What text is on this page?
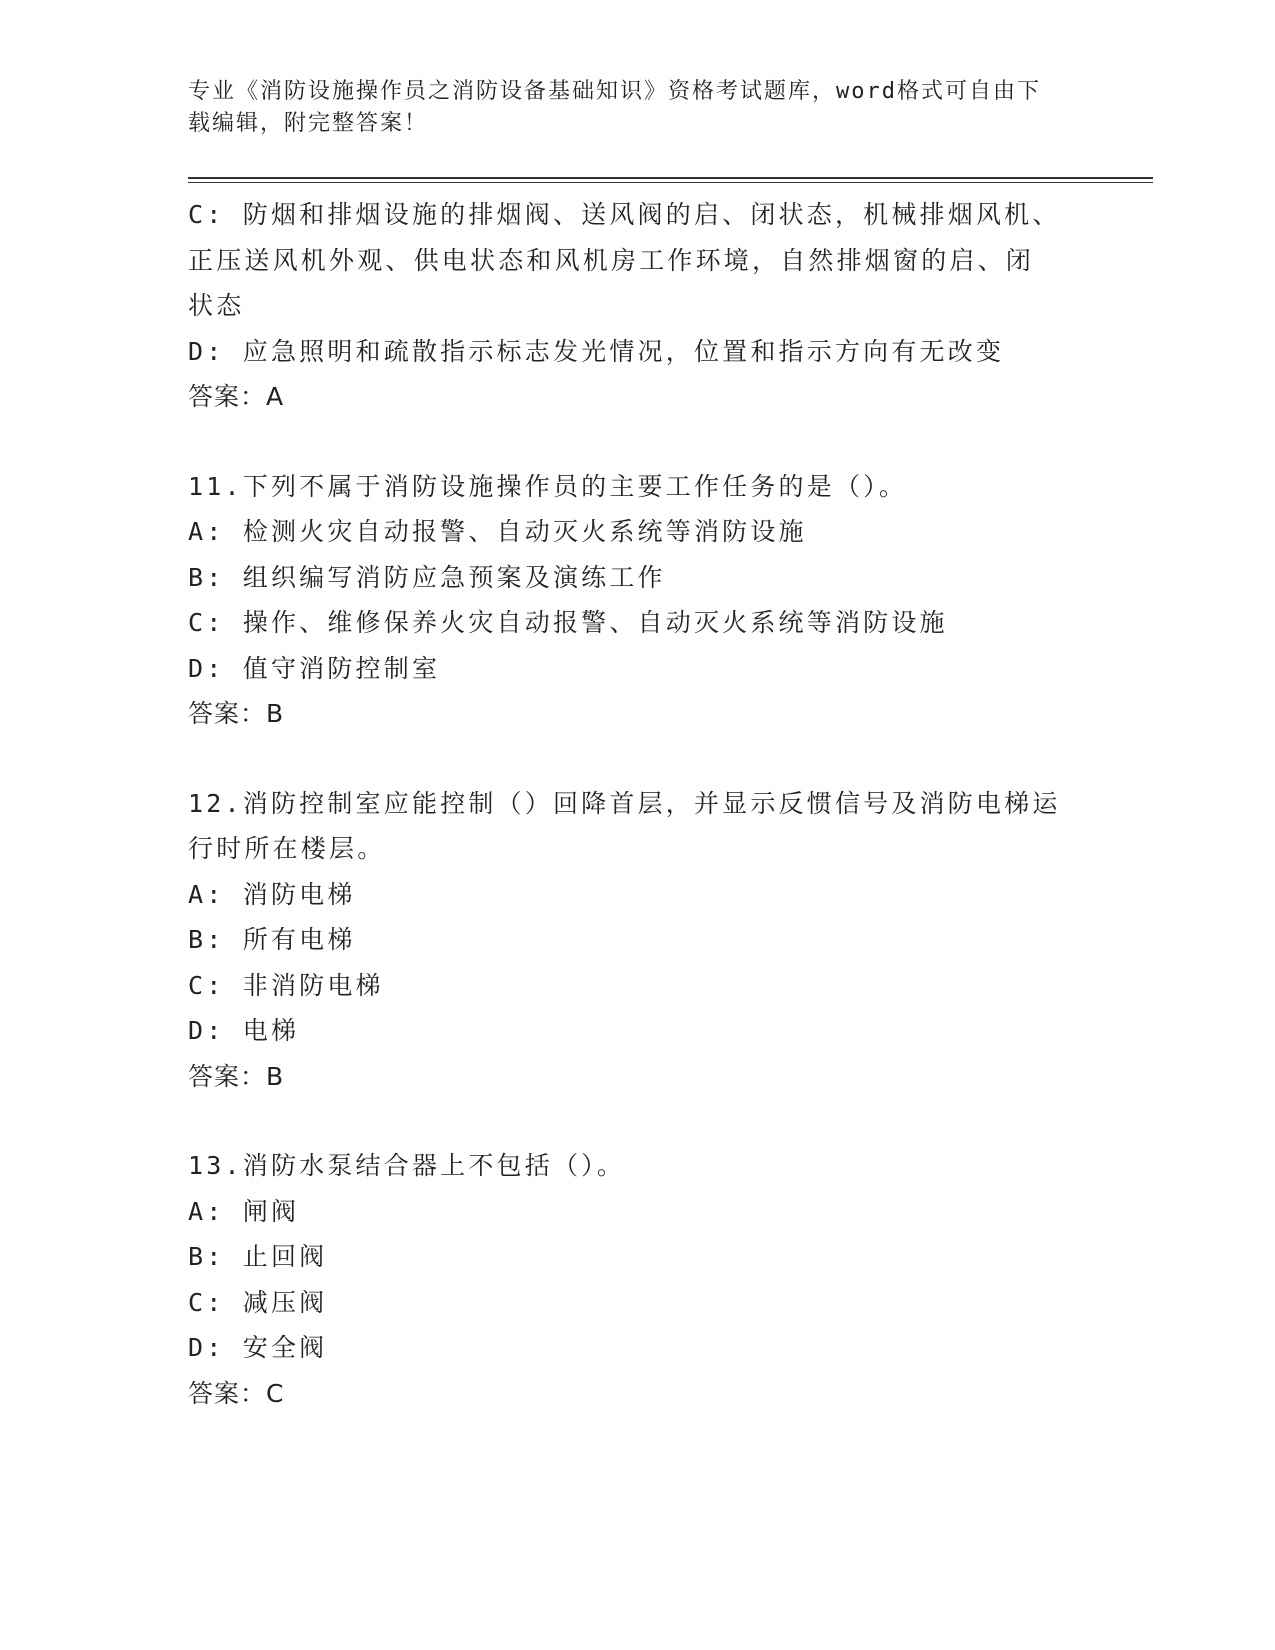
专业《消防设施操作员之消防设备基础知识》资格考试题库，word格式可自由下
载编辑，附完整答案！
C: 防烟和排烟设施的排烟阀、送风阀的启、闭状态，机械排烟风机、
正压送风机外观、供电状态和风机房工作环境，自然排烟窗的启、闭
状态
D: 应急照明和疏散指示标志发光情况，位置和指示方向有无改变
答案：A
11.下列不属于消防设施操作员的主要工作任务的是（）。
A: 检测火灾自动报警、自动灭火系统等消防设施
B: 组织编写消防应急预案及演练工作
C: 操作、维修保养火灾自动报警、自动灭火系统等消防设施
D: 值守消防控制室
答案：B
12.消防控制室应能控制（）回降首层，并显示反惯信号及消防电梯运
行时所在楼层。
A: 消防电梯
B: 所有电梯
C: 非消防电梯
D: 电梯
答案：B
13.消防水泵结合器上不包括（）。
A: 闸阀
B: 止回阀
C: 减压阀
D: 安全阀
答案：C
